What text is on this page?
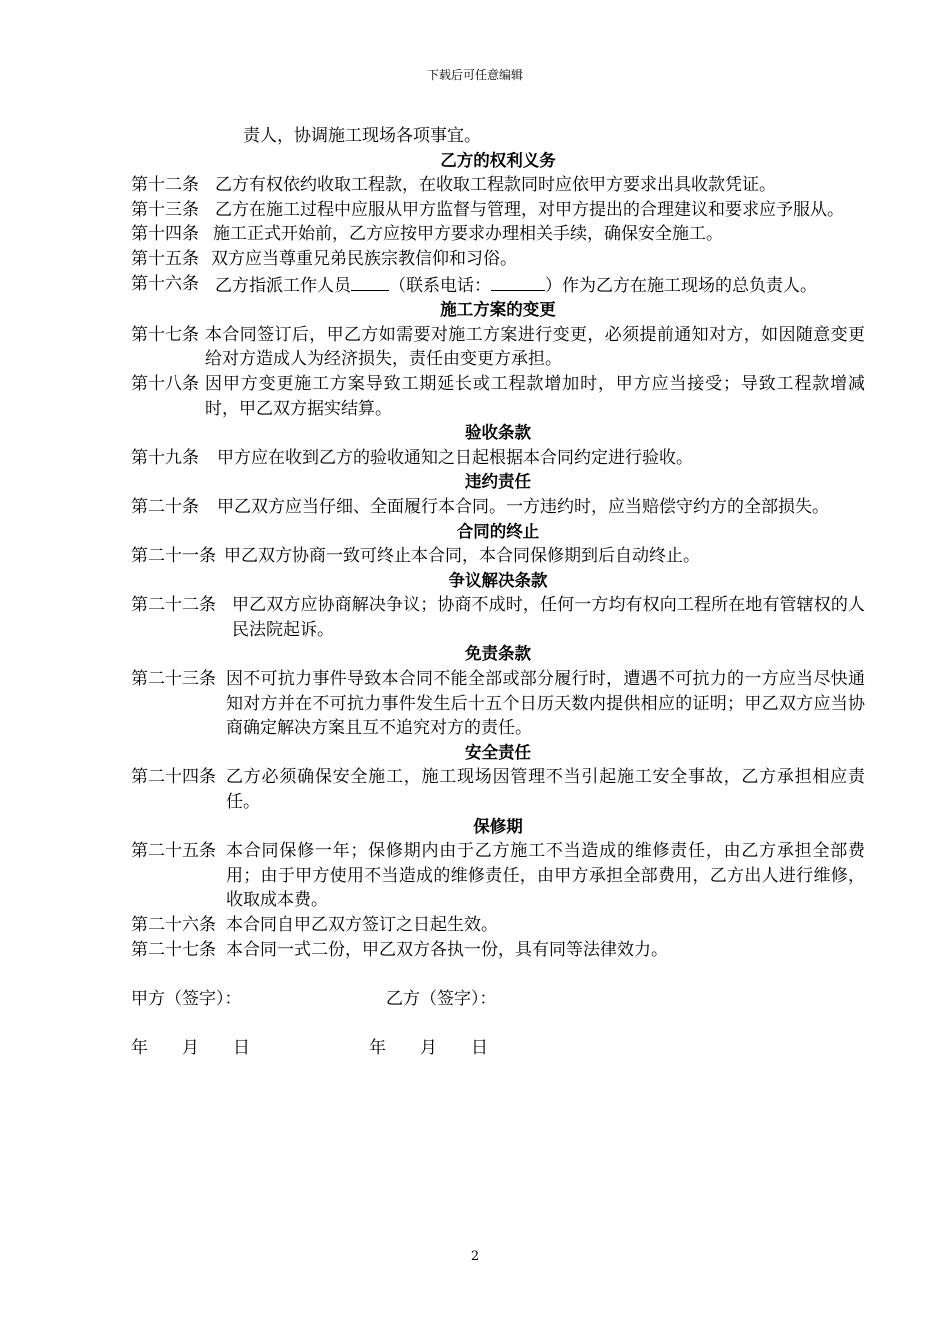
下载后可任意编辑
责人，协调施工现场各项事宜。
乙方的权利义务
第十二条 乙方有权依约收取工程款，在收取工程款同时应依甲方要求出具收款凭证。
第十三条 乙方在施工过程中应服从甲方监督与管理，对甲方提出的合理建议和要求应予服从。
第十四条 施工正式开始前，乙方应按甲方要求办理相关手续，确保安全施工。
第十五条 双方应当尊重兄弟民族宗教信仰和习俗。
第十六条 乙方指派工作人员 （联系电话：	）作为乙方在施工现场的总负责人。
施工方案的变更
第十七条 本合同签订后，甲乙方如需要对施工方案进行变更，必须提前通知对方，如因随意变更给对方造成人为经济损失，责任由变更方承担。
第十八条 因甲方变更施工方案导致工期延长或工程款增加时，甲方应当接受；导致工程款增减时，甲乙双方据实结算。
验收条款
第十九条 甲方应在收到乙方的验收通知之日起根据本合同约定进行验收。
违约责任
第二十条 甲乙双方应当仔细、全面履行本合同。一方违约时，应当赔偿守约方的全部损失。
合同的终止
第二十一条 甲乙双方协商一致可终止本合同，本合同保修期到后自动终止。
争议解决条款
第二十二条 甲乙双方应协商解决争议；协商不成时，任何一方均有权向工程所在地有管辖权的人民法院起诉。
免责条款
第二十三条 因不可抗力事件导致本合同不能全部或部分履行时，遭遇不可抗力的一方应当尽快通知对方并在不可抗力事件发生后十五个日历天数内提供相应的证明；甲乙双方应当协商确定解决方案且互不追究对方的责任。
安全责任
第二十四条 乙方必须确保安全施工，施工现场因管理不当引起施工安全事故，乙方承担相应责任。
保修期
第二十五条 本合同保修一年；保修期内由于乙方施工不当造成的维修责任，由乙方承担全部费用；由于甲方使用不当造成的维修责任，由甲方承担全部费用，乙方出人进行维修，收取成本费。
第二十六条 本合同自甲乙双方签订之日起生效。
第二十七条 本合同一式二份，甲乙双方各执一份，具有同等法律效力。
甲方（签字）：	乙方（签字）：
年　　月　　日	年　　月　　日
2
